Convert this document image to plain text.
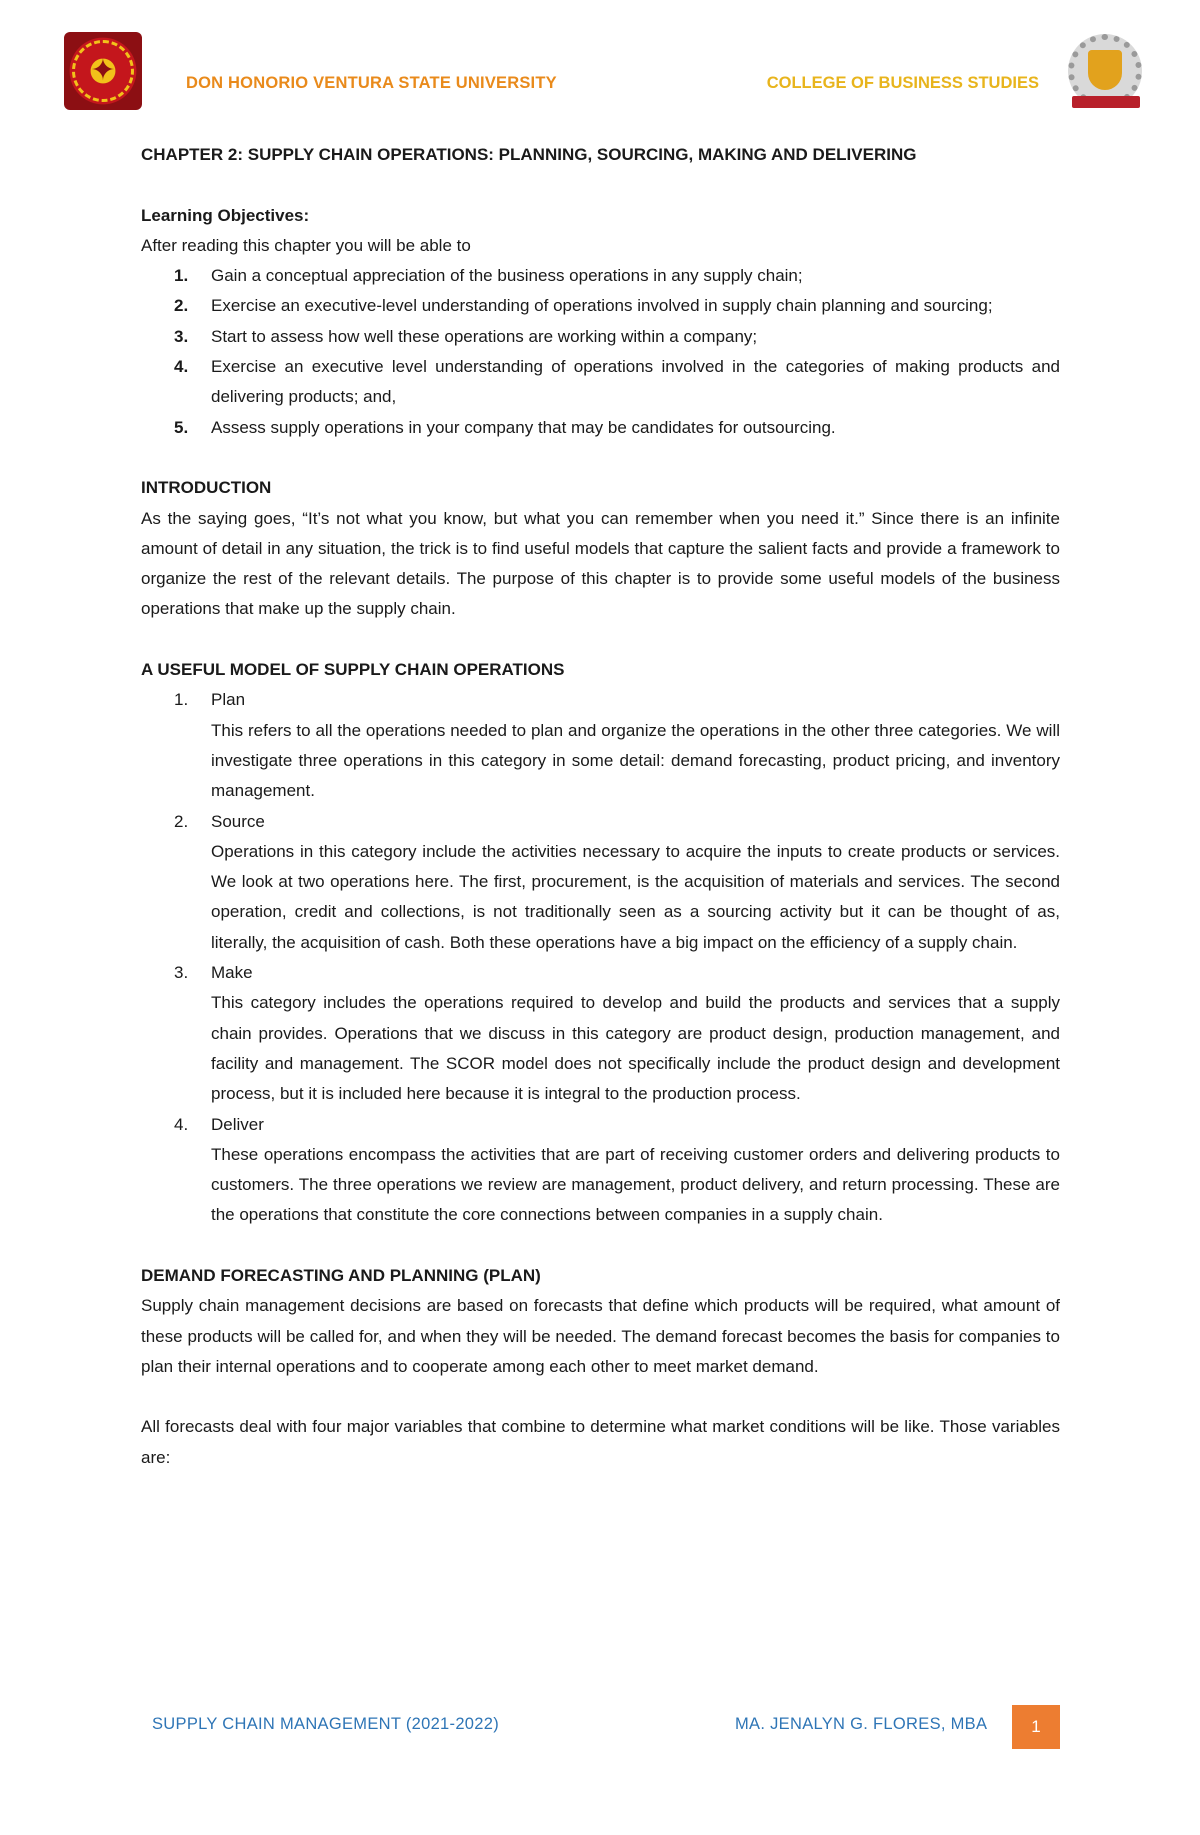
✦	DON HONORIO VENTURA STATE UNIVERSITY	COLLEGE OF BUSINESS STUDIES

CHAPTER 2: SUPPLY CHAIN OPERATIONS: PLANNING, SOURCING, MAKING AND DELIVERING

Learning Objectives:

After reading this chapter you will be able to

1. Gain a conceptual appreciation of the business operations in any supply chain;
2. Exercise an executive-level understanding of operations involved in supply chain planning and sourcing;
3. Start to assess how well these operations are working within a company;
4. Exercise an executive level understanding of operations involved in the categories of making products and delivering products; and,
5. Assess supply operations in your company that may be candidates for outsourcing.

INTRODUCTION

As the saying goes, “It’s not what you know, but what you can remember when you need it.” Since there is an infinite amount of detail in any situation, the trick is to find useful models that capture the salient facts and provide a framework to organize the rest of the relevant details. The purpose of this chapter is to provide some useful models of the business operations that make up the supply chain.

A USEFUL MODEL OF SUPPLY CHAIN OPERATIONS

1. Plan
This refers to all the operations needed to plan and organize the operations in the other three categories. We will investigate three operations in this category in some detail: demand forecasting, product pricing, and inventory management.
2. Source
Operations in this category include the activities necessary to acquire the inputs to create products or services. We look at two operations here. The first, procurement, is the acquisition of materials and services. The second operation, credit and collections, is not traditionally seen as a sourcing activity but it can be thought of as, literally, the acquisition of cash. Both these operations have a big impact on the efficiency of a supply chain.
3. Make
This category includes the operations required to develop and build the products and services that a supply chain provides. Operations that we discuss in this category are product design, production management, and facility and management. The SCOR model does not specifically include the product design and development process, but it is included here because it is integral to the production process.
4. Deliver
These operations encompass the activities that are part of receiving customer orders and delivering products to customers. The three operations we review are management, product delivery, and return processing. These are the operations that constitute the core connections between companies in a supply chain.

DEMAND FORECASTING AND PLANNING (PLAN)

Supply chain management decisions are based on forecasts that define which products will be required, what amount of these products will be called for, and when they will be needed. The demand forecast becomes the basis for companies to plan their internal operations and to cooperate among each other to meet market demand.

All forecasts deal with four major variables that combine to determine what market conditions will be like. Those variables are:

SUPPLY CHAIN MANAGEMENT (2021-2022)	MA. JENALYN G. FLORES, MBA	1
